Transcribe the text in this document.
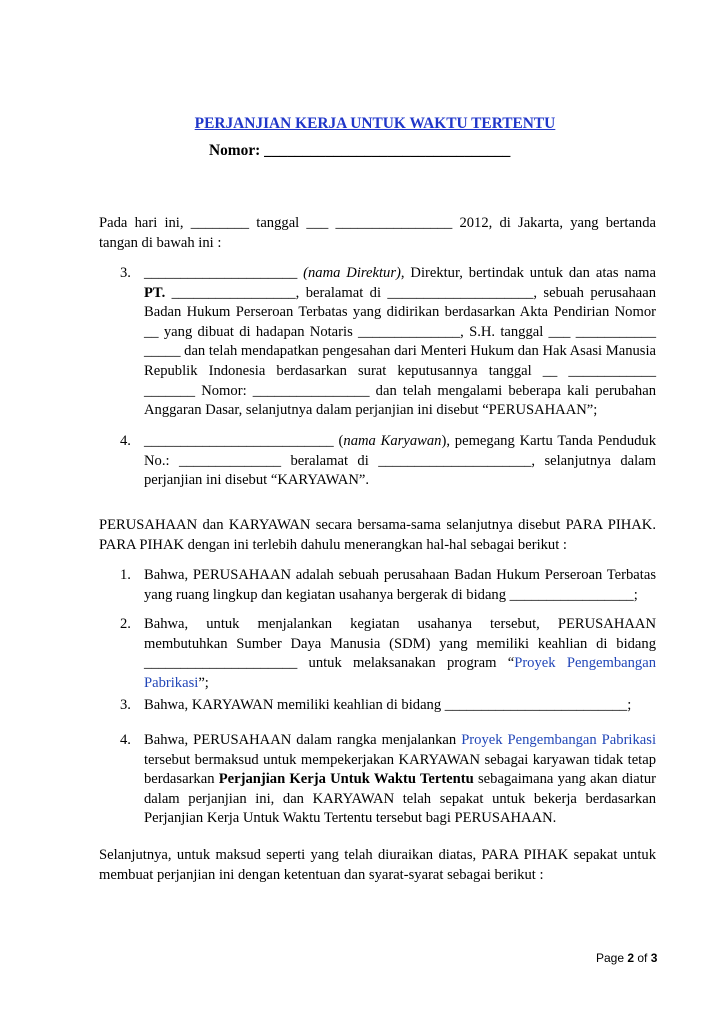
PERJANJIAN KERJA UNTUK WAKTU TERTENTU
Nomor: ________________________________
Pada hari ini, ________ tanggal ___ ________________ 2012, di Jakarta, yang bertanda tangan di bawah ini :
3. _____________________ (nama Direktur), Direktur, bertindak untuk dan atas nama PT. _________________, beralamat di ____________________, sebuah perusahaan Badan Hukum Perseroan Terbatas yang didirikan berdasarkan Akta Pendirian Nomor __ yang dibuat di hadapan Notaris ______________, S.H. tanggal ___ ___________ _____ dan telah mendapatkan pengesahan dari Menteri Hukum dan Hak Asasi Manusia Republik Indonesia berdasarkan surat keputusannya tanggal __ ____________ _______ Nomor: ________________ dan telah mengalami beberapa kali perubahan Anggaran Dasar, selanjutnya dalam perjanjian ini disebut “PERUSAHAAN”;
4. __________________________ (nama Karyawan), pemegang Kartu Tanda Penduduk No.: ______________ beralamat di _____________________, selanjutnya dalam perjanjian ini disebut “KARYAWAN”.
PERUSAHAAN dan KARYAWAN secara bersama-sama selanjutnya disebut PARA PIHAK. PARA PIHAK dengan ini terlebih dahulu menerangkan hal-hal sebagai berikut :
1. Bahwa, PERUSAHAAN adalah sebuah perusahaan Badan Hukum Perseroan Terbatas yang ruang lingkup dan kegiatan usahanya bergerak di bidang _________________;
2. Bahwa, untuk menjalankan kegiatan usahanya tersebut, PERUSAHAAN membutuhkan Sumber Daya Manusia (SDM) yang memiliki keahlian di bidang _____________________ untuk melaksanakan program “Proyek Pengembangan Pabrikasi”;
3. Bahwa, KARYAWAN memiliki keahlian di bidang _________________________;
4. Bahwa, PERUSAHAAN dalam rangka menjalankan Proyek Pengembangan Pabrikasi tersebut bermaksud untuk mempekerjakan KARYAWAN sebagai karyawan tidak tetap berdasarkan Perjanjian Kerja Untuk Waktu Tertentu sebagaimana yang akan diatur dalam perjanjian ini, dan KARYAWAN telah sepakat untuk bekerja berdasarkan Perjanjian Kerja Untuk Waktu Tertentu tersebut bagi PERUSAHAAN.
Selanjutnya, untuk maksud seperti yang telah diuraikan diatas, PARA PIHAK sepakat untuk membuat perjanjian ini dengan ketentuan dan syarat-syarat sebagai berikut :
Page 2 of 3
